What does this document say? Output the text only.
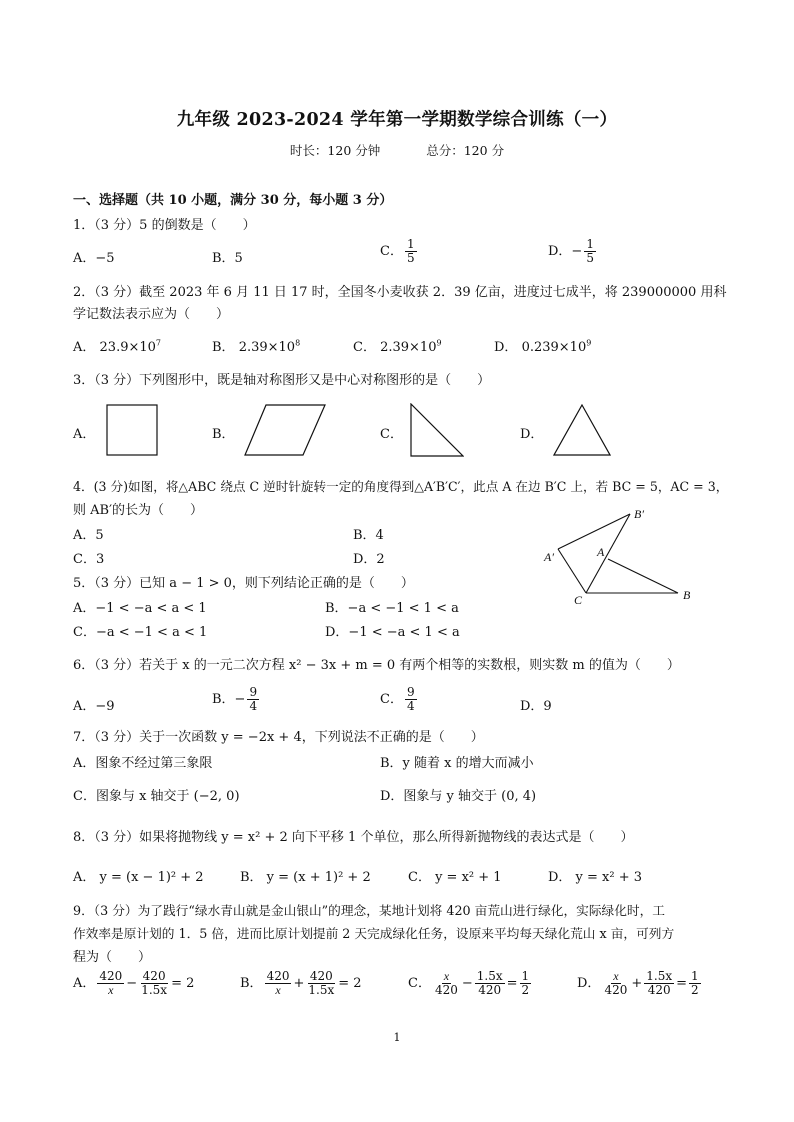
九年级 2023-2024 学年第一学期数学综合训练（一）
时长：120 分钟	总分：120 分
一、选择题（共 10 小题，满分 30 分，每小题 3 分）
1．（3 分）5 的倒数是（　　）
A．−5	B．5	C． $\frac{1}{5}$	D．− $\frac{1}{5}$
2．（3 分）截至 2023 年 6 月 11 日 17 时，全国冬小麦收获 2．39 亿亩，进度过七成半，将 239000000 用科
学记数法表示应为（　　）
A． $23.9\times 10^7$	B． $2.39\times 10^8$	C． $2.39\times 10^9$	D． $0.239\times 10^9$
3．（3 分）下列图形中，既是轴对称图形又是中心对称图形的是（　　）
A．	B．	C．	D．
4．(3 分)如图，将△ABC 绕点 C 逆时针旋转一定的角度得到△A′B′C′，此点 A 在边 B′C 上，若 BC = 5，AC = 3，
则 AB′的长为（　　）
A．5	B．4
C．3	D．2
B′
A′	A
C	B
5．（3 分）已知 a − 1 > 0，则下列结论正确的是（　　）
A．−1 < −a < a < 1	B．−a < −1 < 1 < a
C．−a < −1 < a < 1	D．−1 < −a < 1 < a
6．（3 分）若关于 x 的一元二次方程 x² − 3x + m = 0 有两个相等的实数根，则实数 m 的值为（　　）
A．−9	B．− $\frac{9}{4}$	C． $\frac{9}{4}$	D．9
7．（3 分）关于一次函数 y = −2x + 4，下列说法不正确的是（　　）
A．图象不经过第三象限	B．y 随着 x 的增大而减小
C．图象与 x 轴交于 (−2, 0)	D．图象与 y 轴交于 (0, 4)
8．（3 分）如果将抛物线 y = x² + 2 向下平移 1 个单位，那么所得新抛物线的表达式是（　　）
A． y = (x − 1)² + 2	B． y = (x + 1)² + 2	C． y = x² + 1	D． y = x² + 3
9．（3 分）为了践行“绿水青山就是金山银山”的理念，某地计划将 420 亩荒山进行绿化，实际绿化时，工
作效率是原计划的 1．5 倍，进而比原计划提前 2 天完成绿化任务，设原来平均每天绿化荒山 x 亩，可列方
程为（　　）
A． $\frac{420}{x} - \frac{420}{1.5x} = 2$	B． $\frac{420}{x} + \frac{420}{1.5x} = 2$	C． $\frac{x}{420} - \frac{1.5x}{420} = \frac{1}{2}$	D． $\frac{x}{420} + \frac{1.5x}{420} = \frac{1}{2}$
1
